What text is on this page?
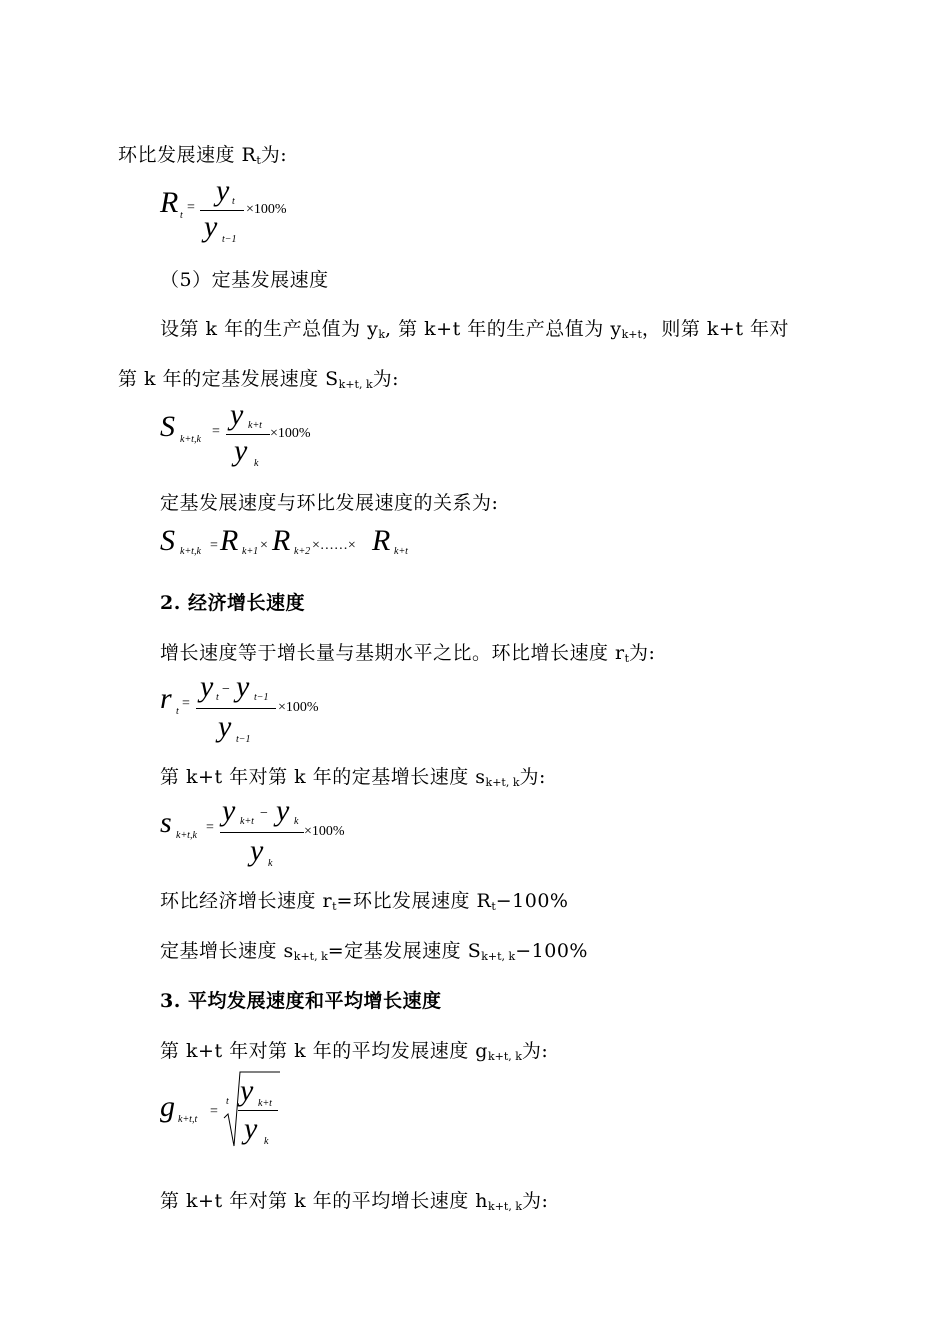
环比发展速度 $R_t$为:
R t
=
y t
y t−1
×100%
（5）定基发展速度
设第 k 年的生产总值为 $y_k$, 第 k+t 年的生产总值为 $y_{k+t}$，则第 k+t 年对
第 k 年的定基发展速度 $S_{k+t, k}$为:
S k+t,k
=
y k+t
y k
×100%
定基发展速度与环比发展速度的关系为:
S k+t,k = R k+1 × R k+2 ×……× R k+t
2. 经济增长速度
增长速度等于增长量与基期水平之比。环比增长速度 $r_t$为:
r t
=
y t
− y t−1
y t−1
×100%
第 k+t 年对第 k 年的定基增长速度 $s_{k+t, k}$为:
s k+t,k
=
y k+t
− y k
y k
×100%
环比经济增长速度 $r_t=$环比发展速度 $R_t-100\%$
定基增长速度 $s_{k+t, k}=$定基发展速度 $S_{k+t, k}-100\%$
3. 平均发展速度和平均增长速度
第 k+t 年对第 k 年的平均发展速度 $g_{k+t, k}$为:
g k+t,t
=
t y k+t
y k
第 k+t 年对第 k 年的平均增长速度 $h_{k+t, k}$为:
